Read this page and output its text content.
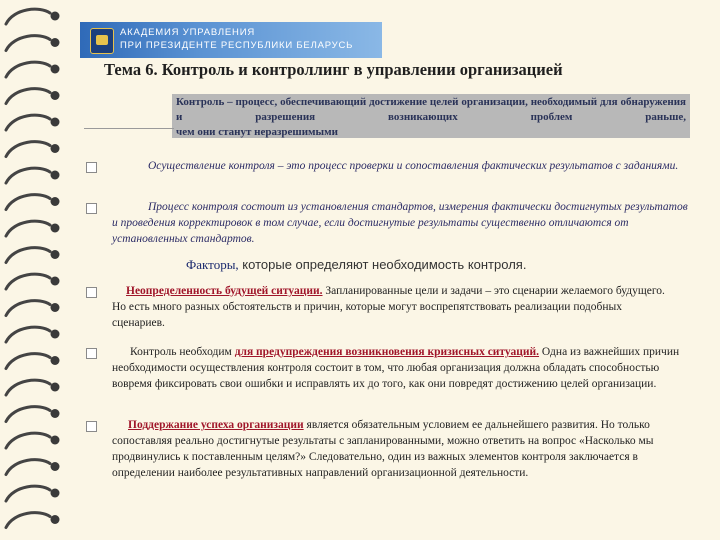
АКАДЕМИЯ УПРАВЛЕНИЯ
ПРИ ПРЕЗИДЕНТЕ РЕСПУБЛИКИ БЕЛАРУСЬ
Тема 6. Контроль и контроллинг в управлении организацией
Контроль – процесс, обеспечивающий достижение целей организации, необходимый для обнаружения и разрешения возникающих проблем раньше,
чем они станут неразрешимыми
Осуществление контроля – это процесс проверки и сопоставления фактических результатов с заданиями.
Процесс контроля состоит из установления стандартов, измерения фактически достигнутых результатов и проведения корректировок в том случае, если достигнутые результаты существенно отличаются от установленных стандартов.
Факторы, которые определяют необходимость контроля.
Неопределенность будущей ситуации. Запланированные цели и задачи – это сценарии желаемого будущего. Но есть много разных обстоятельств и причин, которые могут воспрепятствовать реализации подобных сценариев.
Контроль необходим для предупреждения возникновения кризисных ситуаций. Одна из важнейших причин необходимости осуществления контроля состоит в том, что любая организация должна обладать способностью вовремя фиксировать свои ошибки и исправлять их до того, как они повредят достижению целей организации.
Поддержание успеха организации является обязательным условием ее дальнейшего развития. Но только сопоставляя реально достигнутые результаты с запланированными, можно ответить на вопрос «Насколько мы продвинулись к поставленным целям?» Следовательно, один из важных элементов контроля заключается в определении наиболее результативных направлений организационной деятельности.
